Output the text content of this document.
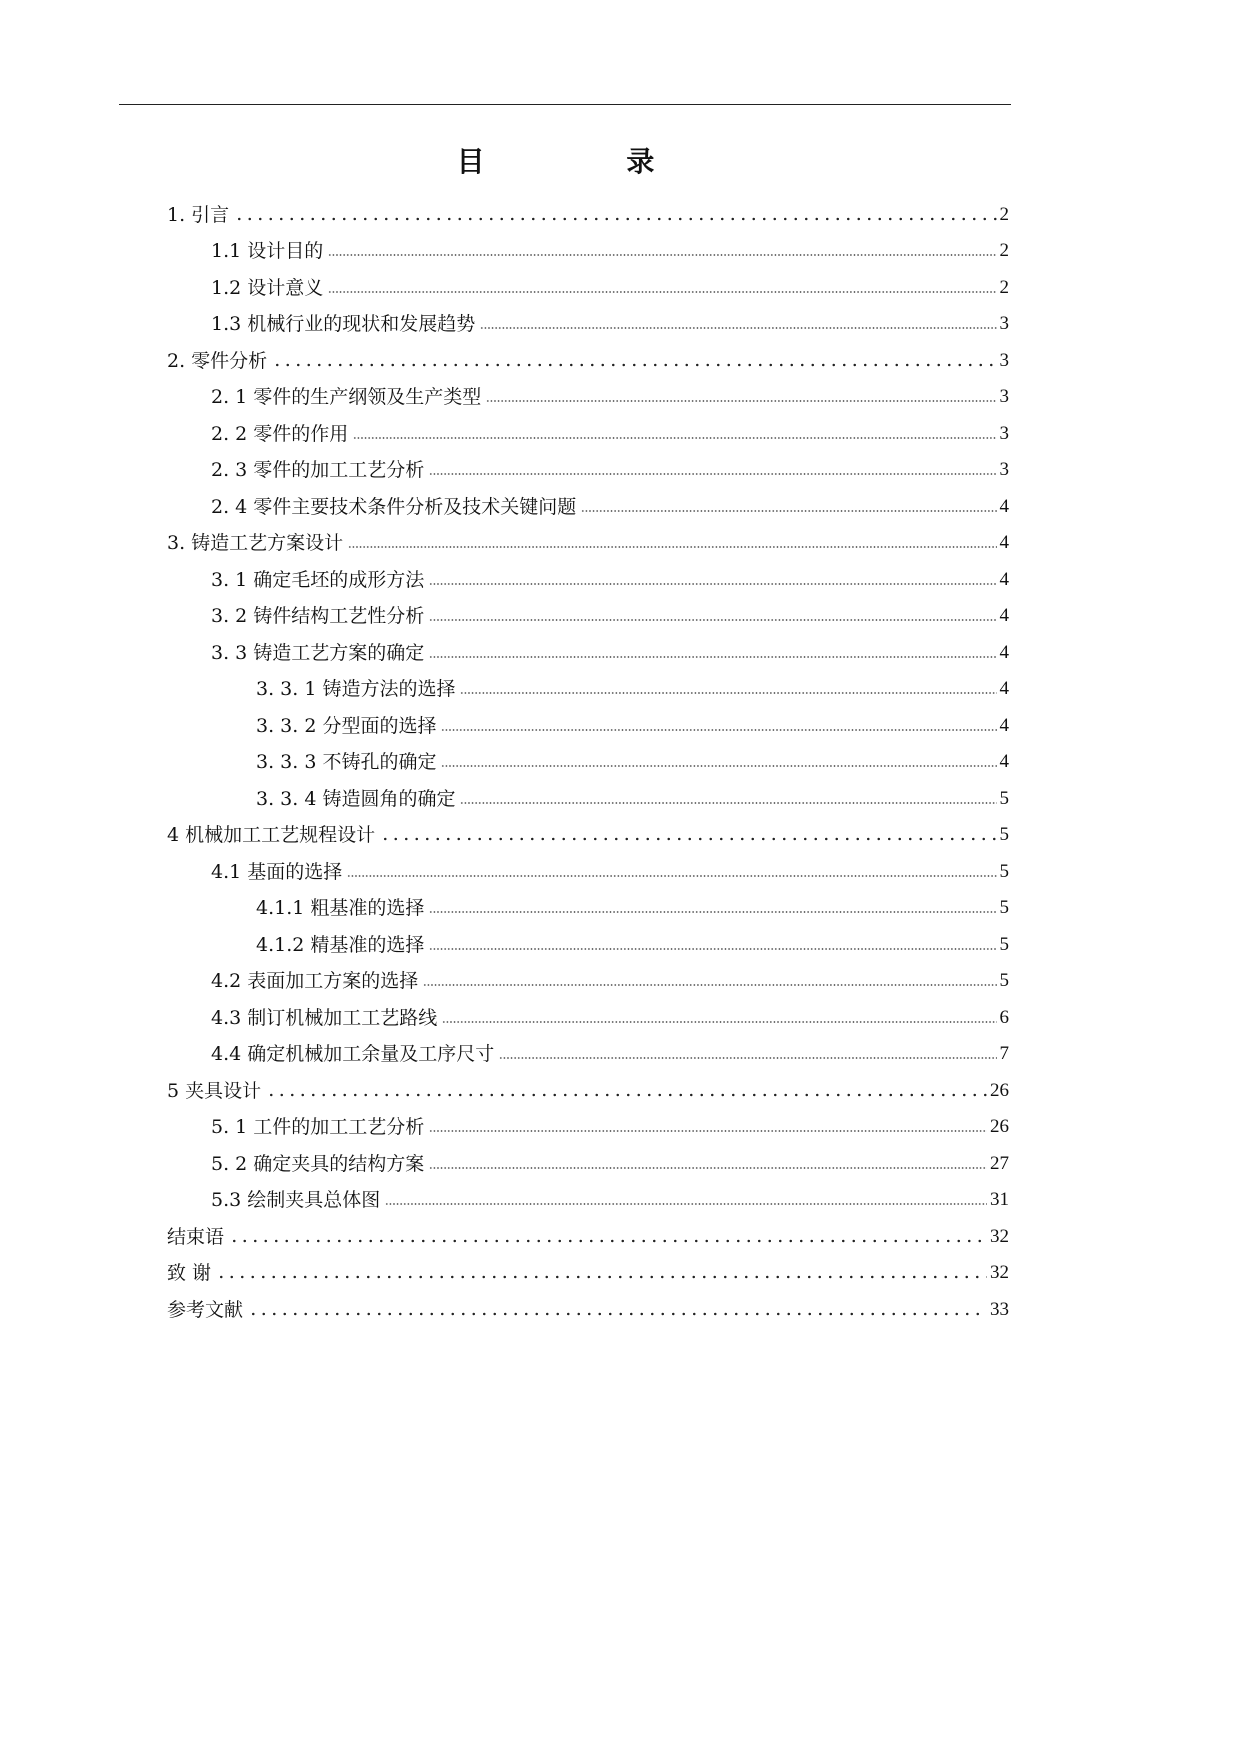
目 录
1. 引言	2
1.1 设计目的	2
1.2 设计意义	2
1.3 机械行业的现状和发展趋势	3
2. 零件分析	3
2. 1 零件的生产纲领及生产类型	3
2. 2 零件的作用	3
2. 3 零件的加工工艺分析	3
2. 4 零件主要技术条件分析及技术关键问题	4
3. 铸造工艺方案设计	4
3. 1 确定毛坯的成形方法	4
3. 2 铸件结构工艺性分析	4
3. 3 铸造工艺方案的确定	4
3. 3. 1 铸造方法的选择	4
3. 3. 2 分型面的选择	4
3. 3. 3 不铸孔的确定	4
3. 3. 4 铸造圆角的确定	5
4 机械加工工艺规程设计	5
4.1 基面的选择	5
4.1.1 粗基准的选择	5
4.1.2 精基准的选择	5
4.2 表面加工方案的选择	5
4.3 制订机械加工工艺路线	6
4.4 确定机械加工余量及工序尺寸	7
5 夹具设计	26
5. 1 工件的加工工艺分析	26
5. 2 确定夹具的结构方案	27
5.3 绘制夹具总体图	31
结束语	32
致 谢	32
参考文献	33
